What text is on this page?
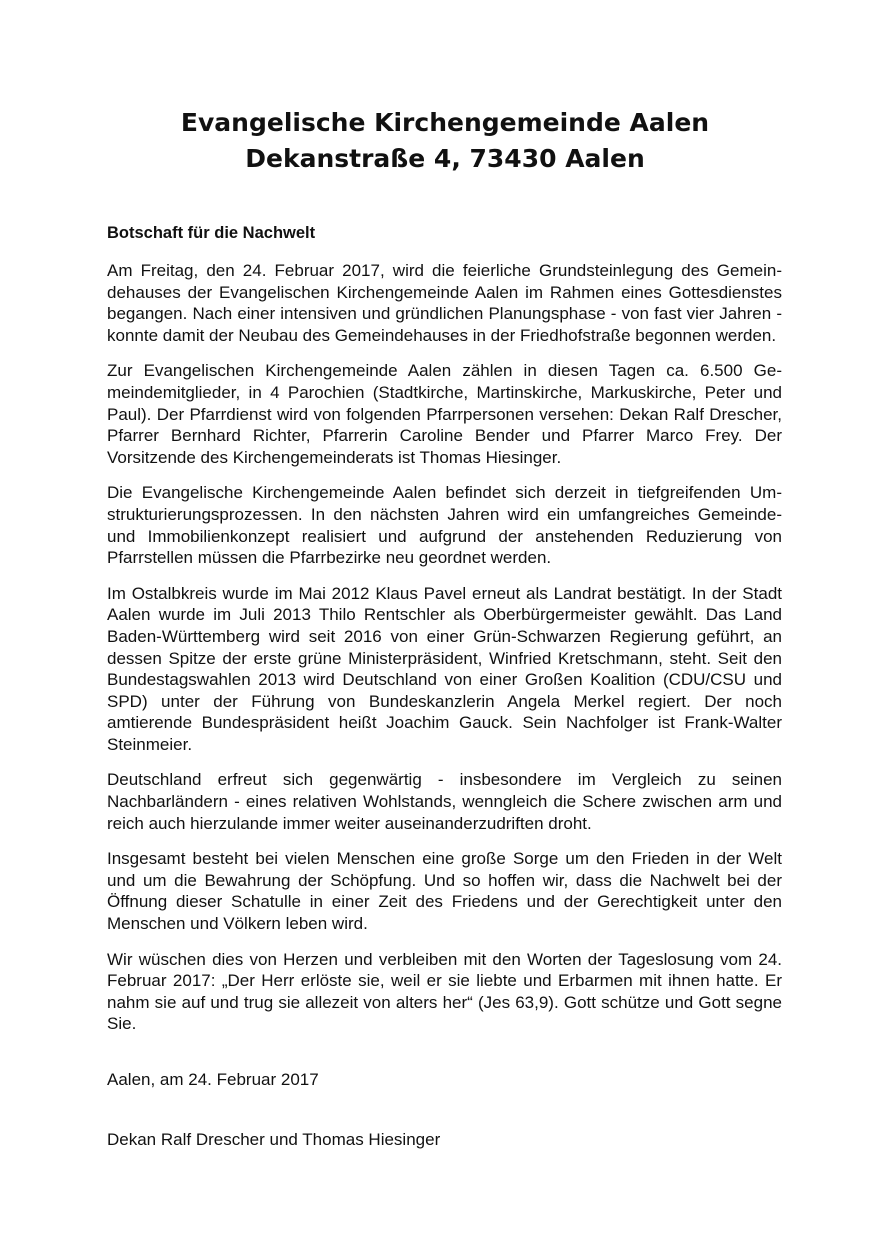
Evangelische Kirchengemeinde Aalen
Dekanstraße 4, 73430 Aalen
Botschaft für die Nachwelt

Am Freitag, den 24. Februar 2017, wird die feierliche Grundsteinlegung des Gemeindehauses der Evangelischen Kirchengemeinde Aalen im Rahmen eines Gottesdienstes begangen. Nach einer intensiven und gründlichen Planungsphase - von fast vier Jahren - konnte damit der Neubau des Gemeindehauses in der Friedhofstraße begonnen werden.

Zur Evangelischen Kirchengemeinde Aalen zählen in diesen Tagen ca. 6.500 Gemeindemitglieder, in 4 Parochien (Stadtkirche, Martinskirche, Markuskirche, Peter und Paul). Der Pfarrdienst wird von folgenden Pfarrpersonen versehen: Dekan Ralf Drescher, Pfarrer Bernhard Richter, Pfarrerin Caroline Bender und Pfarrer Marco Frey. Der Vorsitzende des Kirchengemeinderats ist Thomas Hiesinger.

Die Evangelische Kirchengemeinde Aalen befindet sich derzeit in tiefgreifenden Umstrukturierungsprozessen. In den nächsten Jahren wird ein umfangreiches Gemeinde- und Immobilienkonzept realisiert und aufgrund der anstehenden Reduzierung von Pfarrstellen müssen die Pfarrbezirke neu geordnet werden.

Im Ostalbkreis wurde im Mai 2012 Klaus Pavel erneut als Landrat bestätigt. In der Stadt Aalen wurde im Juli 2013 Thilo Rentschler als Oberbürgermeister gewählt. Das Land Baden-Württemberg wird seit 2016 von einer Grün-Schwarzen Regierung geführt, an dessen Spitze der erste grüne Ministerpräsident, Winfried Kretschmann, steht. Seit den Bundestagswahlen 2013 wird Deutschland von einer Großen Koalition (CDU/CSU und SPD) unter der Führung von Bundeskanzlerin Angela Merkel regiert. Der noch amtierende Bundespräsident heißt Joachim Gauck. Sein Nachfolger ist Frank-Walter Steinmeier.

Deutschland erfreut sich gegenwärtig - insbesondere im Vergleich zu seinen Nachbarländern - eines relativen Wohlstands, wenngleich die Schere zwischen arm und reich auch hierzulande immer weiter auseinanderzudriften droht.

Insgesamt besteht bei vielen Menschen eine große Sorge um den Frieden in der Welt und um die Bewahrung der Schöpfung. Und so hoffen wir, dass die Nachwelt bei der Öffnung dieser Schatulle in einer Zeit des Friedens und der Gerechtigkeit unter den Menschen und Völkern leben wird.

Wir wüschen dies von Herzen und verbleiben mit den Worten der Tageslosung vom 24. Februar 2017: „Der Herr erlöste sie, weil er sie liebte und Erbarmen mit ihnen hatte. Er nahm sie auf und trug sie allezeit von alters her“ (Jes 63,9). Gott schütze und Gott segne Sie.

Aalen, am 24. Februar 2017
Dekan Ralf Drescher und Thomas Hiesinger
